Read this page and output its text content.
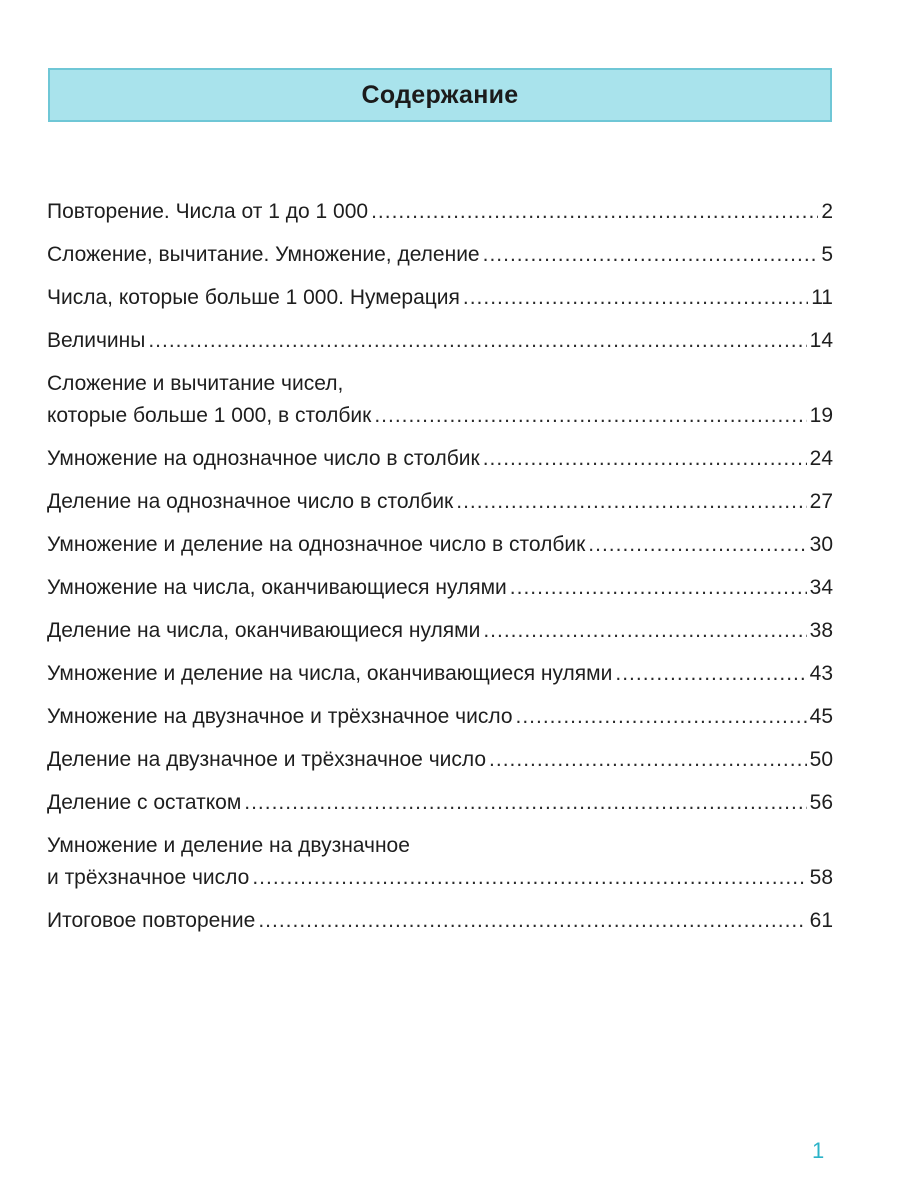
Содержание
Повторение. Числа от 1 до 1 000 .....	2
Сложение, вычитание. Умножение, деление .....	5
Числа, которые больше 1 000. Нумерация .....	11
Величины .....	14
Сложение и вычитание чисел,
которые больше 1 000, в столбик .....	19
Умножение на однозначное число в столбик .....	24
Деление на однозначное число в столбик .....	27
Умножение и деление на однозначное число в столбик .....	30
Умножение на числа, оканчивающиеся нулями .....	34
Деление на числа, оканчивающиеся нулями .....	38
Умножение и деление на числа, оканчивающиеся нулями .....	43
Умножение на двузначное и трёхзначное число .....	45
Деление на двузначное и трёхзначное число .....	50
Деление с остатком .....	56
Умножение и деление на двузначное
и трёхзначное число .....	58
Итоговое повторение .....	61
1
